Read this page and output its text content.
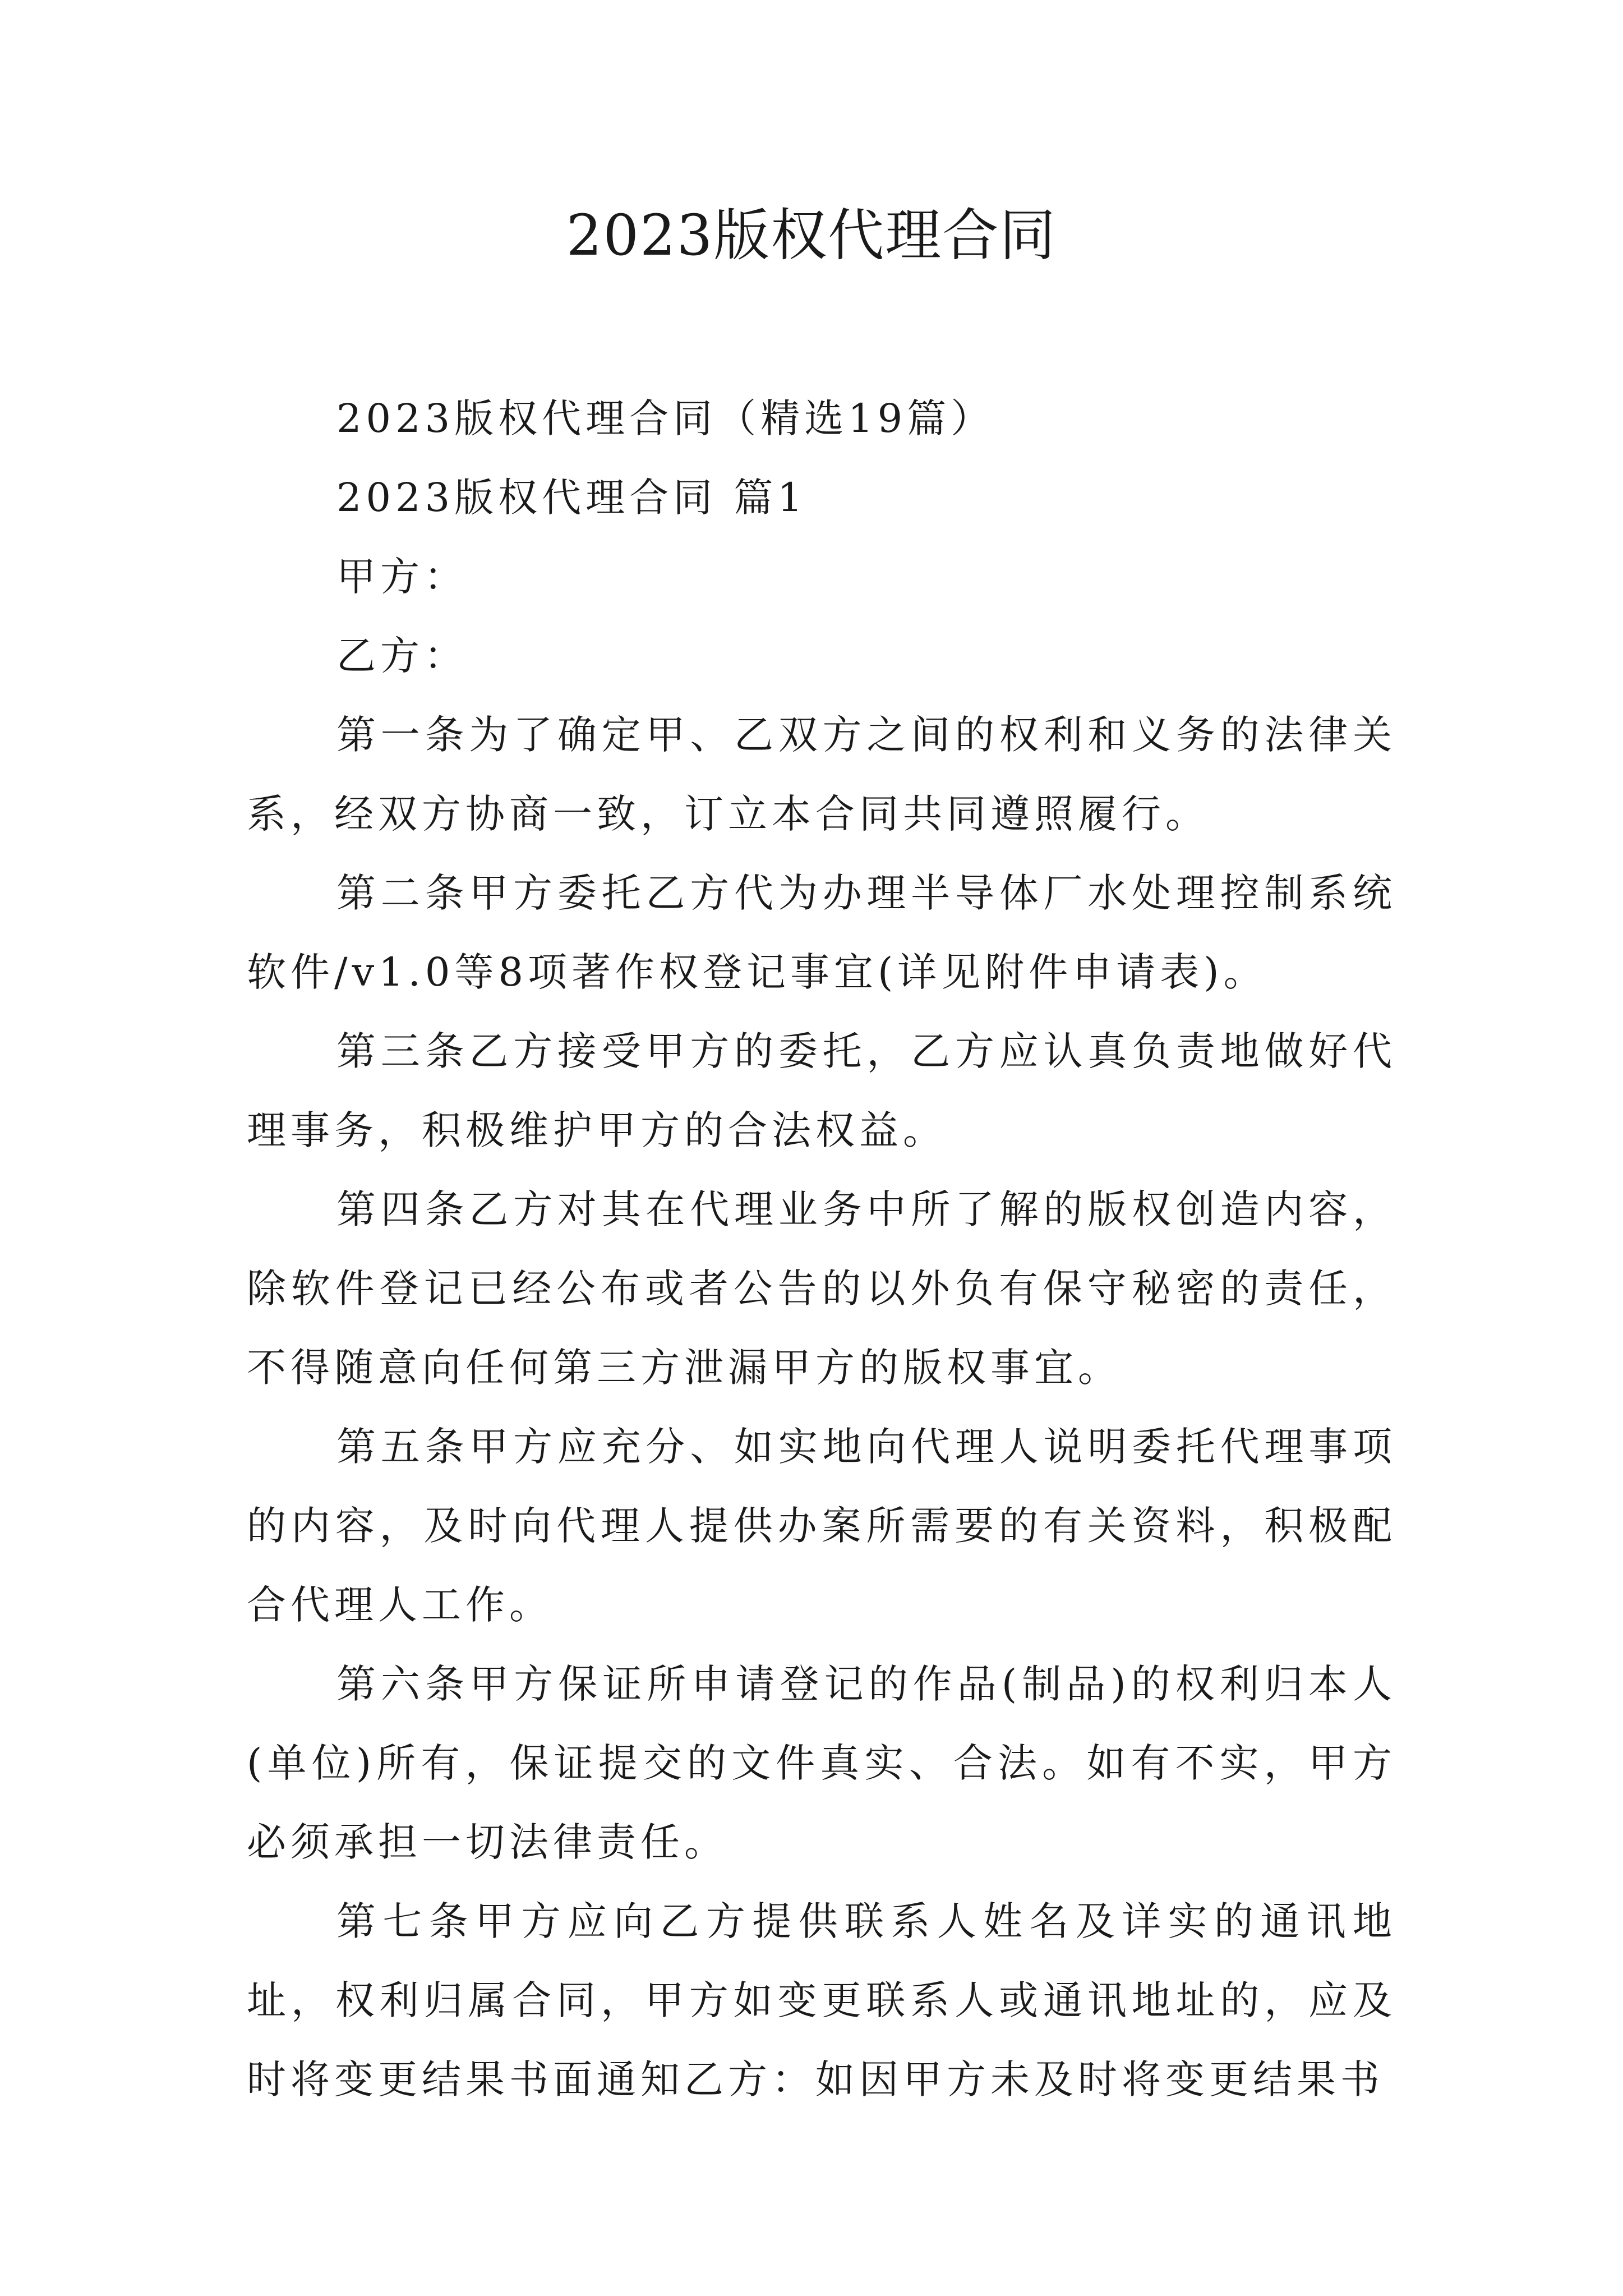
2023版权代理合同

2023版权代理合同（精选19篇）

2023版权代理合同 篇1

甲方：

乙方：

第一条为了确定甲、乙双方之间的权利和义务的法律关系，经双方协商一致，订立本合同共同遵照履行。

第二条甲方委托乙方代为办理半导体厂水处理控制系统软件/v1.0等8项著作权登记事宜(详见附件申请表)。

第三条乙方接受甲方的委托，乙方应认真负责地做好代理事务，积极维护甲方的合法权益。

第四条乙方对其在代理业务中所了解的版权创造内容，除软件登记已经公布或者公告的以外负有保守秘密的责任，不得随意向任何第三方泄漏甲方的版权事宜。

第五条甲方应充分、如实地向代理人说明委托代理事项的内容，及时向代理人提供办案所需要的有关资料，积极配合代理人工作。

第六条甲方保证所申请登记的作品(制品)的权利归本人(单位)所有，保证提交的文件真实、合法。如有不实，甲方必须承担一切法律责任。

第七条甲方应向乙方提供联系人姓名及详实的通讯地址，权利归属合同，甲方如变更联系人或通讯地址的，应及时将变更结果书面通知乙方：如因甲方未及时将变更结果书
